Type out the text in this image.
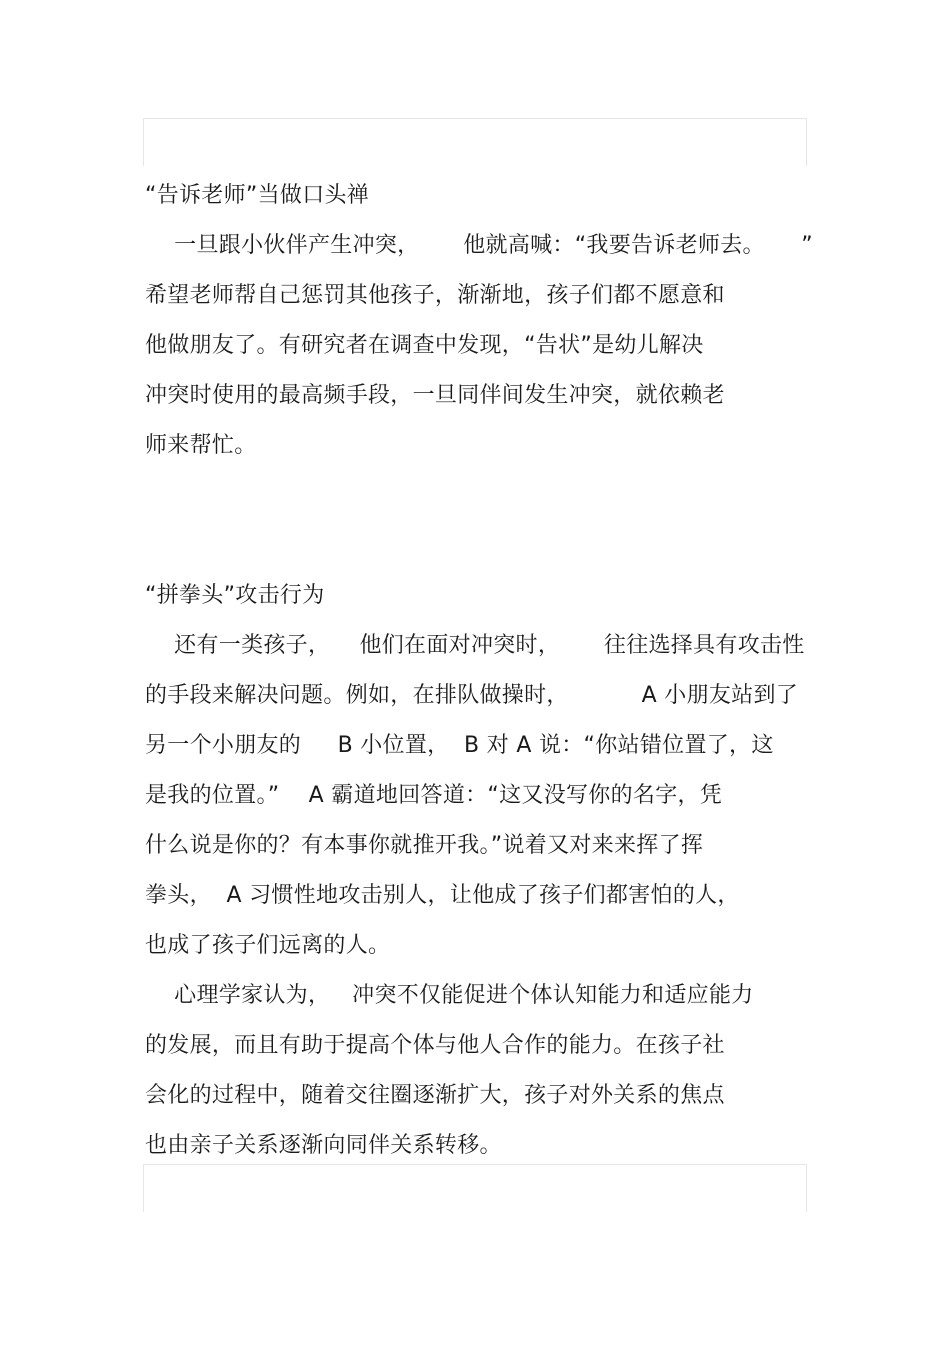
“告诉老师”当做口头禅
一旦跟小伙伴产生冲突，      他就高喊：“我要告诉老师去。     ”
希望老师帮自己惩罚其他孩子，渐渐地，孩子们都不愿意和
他做朋友了。有研究者在调查中发现，“告状”是幼儿解决
冲突时使用的最高频手段，一旦同伴间发生冲突，就依赖老
师来帮忙。
“拼拳头”攻击行为
还有一类孩子，    他们在面对冲突时，      往往选择具有攻击性
的手段来解决问题。例如，在排队做操时，          A 小朋友站到了
另一个小朋友的     B 小位置，  B 对 A 说：“你站错位置了，这
是我的位置。”    A 霸道地回答道：“这又没写你的名字，凭
什么说是你的？有本事你就推开我。”说着又对来来挥了挥
拳头，  A 习惯性地攻击别人，让他成了孩子们都害怕的人，
也成了孩子们远离的人。
心理学家认为，   冲突不仅能促进个体认知能力和适应能力
的发展，而且有助于提高个体与他人合作的能力。在孩子社
会化的过程中，随着交往圈逐渐扩大，孩子对外关系的焦点
也由亲子关系逐渐向同伴关系转移。
